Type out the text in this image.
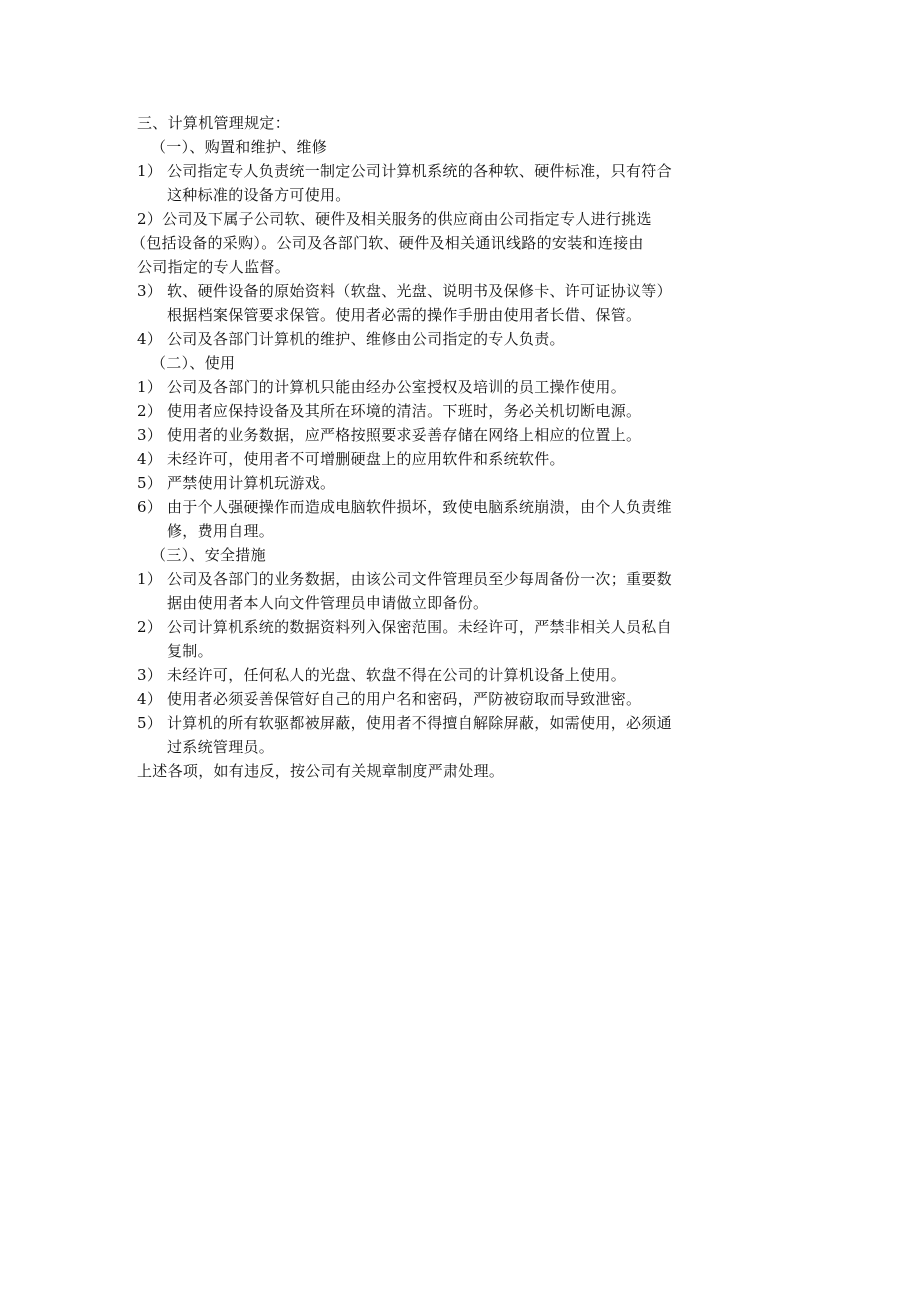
三、计算机管理规定：

（一）、购置和维护、维修

1） 公司指定专人负责统一制定公司计算机系统的各种软、硬件标准，只有符合
这种标准的设备方可使用。
2） 公司及下属子公司软、硬件及相关服务的供应商由公司指定专人进行挑选
（包括设备的采购）。公司及各部门软、硬件及相关通讯线路的安装和连接由
公司指定的专人监督。
3） 软、硬件设备的原始资料（软盘、光盘、说明书及保修卡、许可证协议等）
根据档案保管要求保管。使用者必需的操作手册由使用者长借、保管。
4） 公司及各部门计算机的维护、维修由公司指定的专人负责。

（二）、使用

1） 公司及各部门的计算机只能由经办公室授权及培训的员工操作使用。
2） 使用者应保持设备及其所在环境的清洁。下班时，务必关机切断电源。
3） 使用者的业务数据，应严格按照要求妥善存储在网络上相应的位置上。
4） 未经许可，使用者不可增删硬盘上的应用软件和系统软件。
5） 严禁使用计算机玩游戏。
6） 由于个人强硬操作而造成电脑软件损坏，致使电脑系统崩溃，由个人负责维
修，费用自理。

（三）、安全措施

1） 公司及各部门的业务数据，由该公司文件管理员至少每周备份一次；重要数
据由使用者本人向文件管理员申请做立即备份。
2） 公司计算机系统的数据资料列入保密范围。未经许可，严禁非相关人员私自
复制。
3） 未经许可，任何私人的光盘、软盘不得在公司的计算机设备上使用。
4） 使用者必须妥善保管好自己的用户名和密码，严防被窃取而导致泄密。
5） 计算机的所有软驱都被屏蔽，使用者不得擅自解除屏蔽，如需使用，必须通
过系统管理员。

上述各项，如有违反，按公司有关规章制度严肃处理。
